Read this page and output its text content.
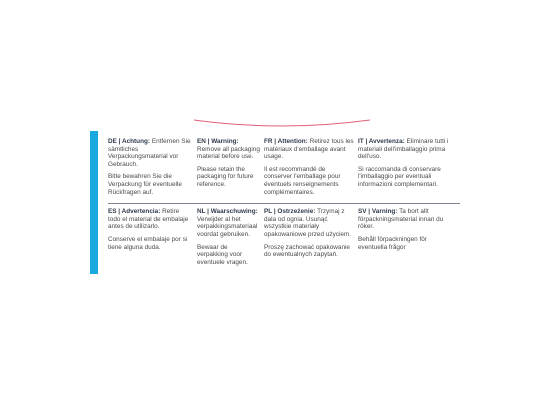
DE | Achtung: Entfernen Sie sämtliches Verpackungsmaterial vor Gebrauch.

Bitte bewahren Sie die Verpackung für eventuelle Rückfragen auf.

EN | Warning: Remove all packaging material before use.

Please retain the packaging for future reference.

FR | Attention: Retirez tous les matériaux d'emballage avant usage.

Il est recommandé de conserver l'emballage pour éventuels renseignements complémentaires.

IT | Avvertenza: Eliminare tutti i materiali dell'imballaggio prima dell'uso.

Si raccomanda di conservare l'imballaggio per eventuali informazioni complementari.

ES | Advertencia: Retire todo el material de embalaje antes de utilizarlo.

Conserve el embalaje por si tiene alguna duda.

NL | Waarschuwing: Verwijder al het verpakkingsmateriaal voordat gebruiken.

Bewaar de verpakking voor eventuele vragen.

PL | Ostrzeżenie: Trzymaj z dala od ognia. Usunąć wszystkie materiały opakowaniowe przed użyciem.

Proszę zachować opakowanie do ewentualnych zapytań.

SV | Varning: Ta bort allt förpackningsmaterial innan du röker.

Behåll förpackningen för eventuella frågor
